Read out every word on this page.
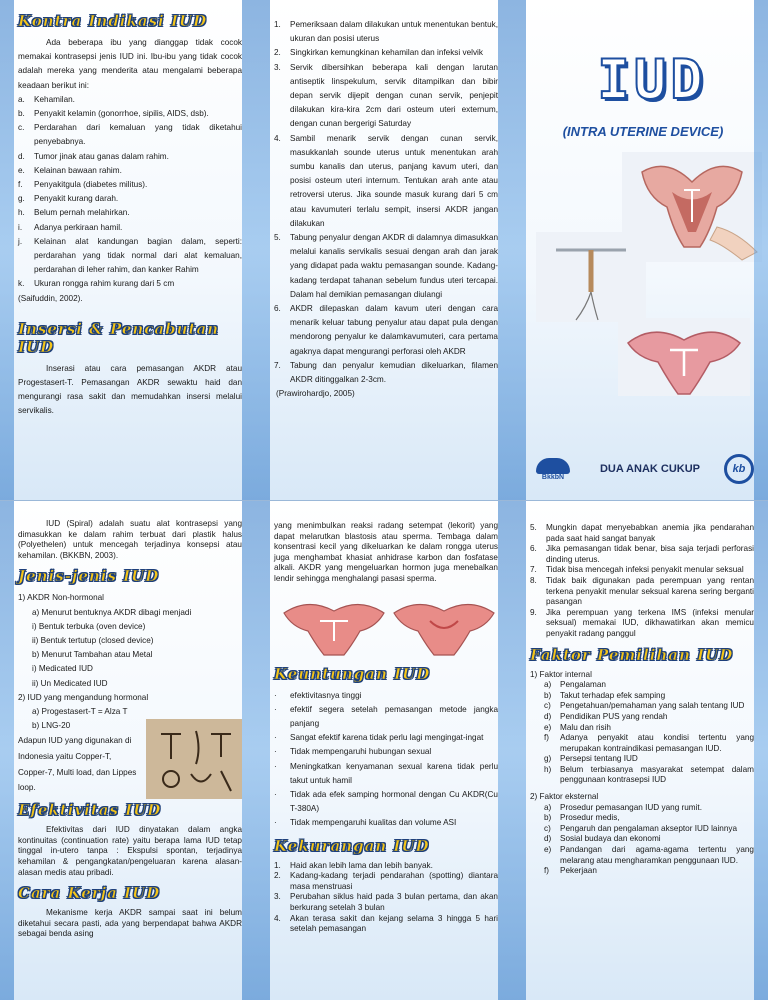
Kontra Indikasi IUD

Ada beberapa ibu yang dianggap tidak cocok memakai kontrasepsi jenis IUD ini. Ibu-ibu yang tidak cocok adalah mereka yang menderita atau mengalami beberapa keadaan berikut ini:

a.	Kehamilan.
b.	Penyakit kelamin (gonorrhoe, sipilis, AIDS, dsb).
c.	Perdarahan dari kemaluan yang tidak diketahui penyebabnya.
d.	Tumor jinak atau ganas dalam rahim.
e.	Kelainan bawaan rahim.
f.	Penyakitgula (diabetes militus).
g.	Penyakit kurang darah.
h.	Belum pernah melahirkan.
i.	Adanya perkiraan hamil.
j.	Kelainan alat kandungan bagian dalam, seperti: perdarahan yang tidak normal dari alat kemaluan, perdarahan di leher rahim, dan kanker Rahim
k.	Ukuran rongga rahim kurang dari 5 cm

(Saifuddin, 2002).

Insersi & Pencabutan IUD

Inserasi atau cara pemasangan AKDR atau Progestasert-T. Pemasangan AKDR sewaktu haid dan mengurangi rasa sakit dan memudahkan insersi melalui servikalis.

1.	Pemeriksaan dalam dilakukan untuk menentukan bentuk, ukuran dan posisi uterus
2.	Singkirkan kemungkinan kehamilan dan infeksi velvik
3.	Servik dibersihkan beberapa kali dengan larutan antiseptik linspekulum, servik ditampilkan dan bibir depan servik dijepit dengan cunan servik, penjepit dilakukan kira-kira 2cm dari osteum uteri externum, dengan cunan bergerigi Saturday
4.	Sambil menarik servik dengan cunan servik, masukkanlah sounde uterus untuk menentukan arah sumbu kanalis dan uterus, panjang kavum uteri, dan posisi osteum uteri internum. Tentukan arah ante atau retroversi uterus. Jika sounde masuk kurang dari 5 cm atau kavumuteri terlalu sempit, insersi AKDR jangan dilakukan
5.	Tabung penyalur dengan AKDR di dalamnya dimasukkan melalui kanalis servikalis sesuai dengan arah dan jarak yang didapat pada waktu pemasangan sounde. Kadang-kadang terdapat tahanan sebelum fundus uteri tercapai. Dalam hal demikian pemasangan diulangi
6.	AKDR dilepaskan dalam kavum uteri dengan cara menarik keluar tabung penyalur atau dapat pula dengan mendorong penyalur ke dalamkavumuteri, cara pertama agaknya dapat mengurangi perforasi oleh AKDR
7.	Tabung dan penyalur kemudian dikeluarkan, filamen AKDR ditinggalkan 2-3cm.

(Prawirohardjo, 2005)

IUD
(INTRA UTERINE DEVICE)
BkkbN
DUA ANAK CUKUP	kb

IUD (Spiral) adalah suatu alat kontrasepsi yang dimasukkan ke dalam rahim terbuat dari plastik halus (Polyethelen) untuk mencegah terjadinya konsepsi atau kehamilan. (BKKBN, 2003).

Jenis-jenis IUD
1) AKDR Non-hormonal
a) Menurut bentuknya AKDR dibagi menjadi
i) Bentuk terbuka (oven device)
ii) Bentuk tertutup (closed device)
b) Menurut Tambahan atau Metal
i) Medicated IUD
ii) Un Medicated IUD
2) IUD yang mengandung hormonal
a) Progestasert-T = Alza T
b) LNG-20

Adapun IUD yang digunakan di Indonesia yaitu Copper-T, Copper-7, Multi load, dan Lippes loop.

Efektivitas IUD

Efektivitas dari IUD dinyatakan dalam angka kontinuitas (continuation rate) yaitu berapa lama IUD tetap tinggal in-utero tanpa : Ekspulsi spontan, terjadinya kehamilan & pengangkatan/pengeluaran karena alasan-alasan medis atau pribadi.

Cara Kerja IUD

Mekanisme kerja AKDR sampai saat ini belum diketahui secara pasti, ada yang berpendapat bahwa AKDR sebagai benda asing

yang menimbulkan reaksi radang setempat (lekorit) yang dapat melarutkan blastosis atau sperma. Tembaga dalam konsentrasi kecil yang dikeluarkan ke dalam rongga uterus juga menghambat khasiat anhidrase karbon dan fosfatase alkali. AKDR yang mengeluarkan hormon juga menebalkan lendir sehingga menghalangi pasasi sperma.

Keuntungan IUD
·	efektivitasnya tinggi
·	efektif segera setelah pemasangan metode jangka panjang
·	Sangat efektif karena tidak perlu lagi mengingat-ingat
·	Tidak mempengaruhi hubungan sexual
·	Meningkatkan kenyamanan sexual karena tidak perlu takut untuk hamil
·	Tidak ada efek samping hormonal dengan Cu AKDR(Cu T-380A)
·	Tidak mempengaruhi kualitas dan volume ASI
Kekurangan IUD
1.	Haid akan lebih lama dan lebih banyak.
2.	Kadang-kadang terjadi pendarahan (spotting) diantara masa menstruasi
3.	Perubahan siklus haid pada 3 bulan pertama, dan akan berkurang setelah 3 bulan
4.	Akan terasa sakit dan kejang selama 3 hingga 5 hari setelah pemasangan
5.	Mungkin dapat menyebabkan anemia jika pendarahan pada saat haid sangat banyak
6.	Jika pemasangan tidak benar, bisa saja terjadi perforasi dinding uterus.
7.	Tidak bisa mencegah infeksi penyakit menular seksual
8.	Tidak baik digunakan pada perempuan yang rentan terkena penyakit menular seksual karena sering berganti pasangan
9.	Jika perempuan yang terkena IMS (infeksi menular seksual) memakai IUD, dikhawatirkan akan memicu penyakit radang panggul
Faktor Pemilihan IUD
1) Faktor internal
a)	Pengalaman
b)	Takut terhadap efek samping
c)	Pengetahuan/pemahaman yang salah tentang IUD
d)	Pendidikan PUS yang rendah
e)	Malu dan risih
f)	Adanya penyakit atau kondisi tertentu yang merupakan kontraindikasi pemasangan IUD.
g)	Persepsi tentang IUD
h)	Belum terbiasanya masyarakat setempat dalam penggunaan kontrasepsi IUD
2) Faktor eksternal
a)	Prosedur pemasangan IUD yang rumit.
b)	Prosedur medis,
c)	Pengaruh dan pengalaman akseptor IUD lainnya
d)	Sosial budaya dan ekonomi
e)	Pandangan dari agama-agama tertentu yang melarang atau mengharamkan penggunaan IUD.
f)	Pekerjaan
